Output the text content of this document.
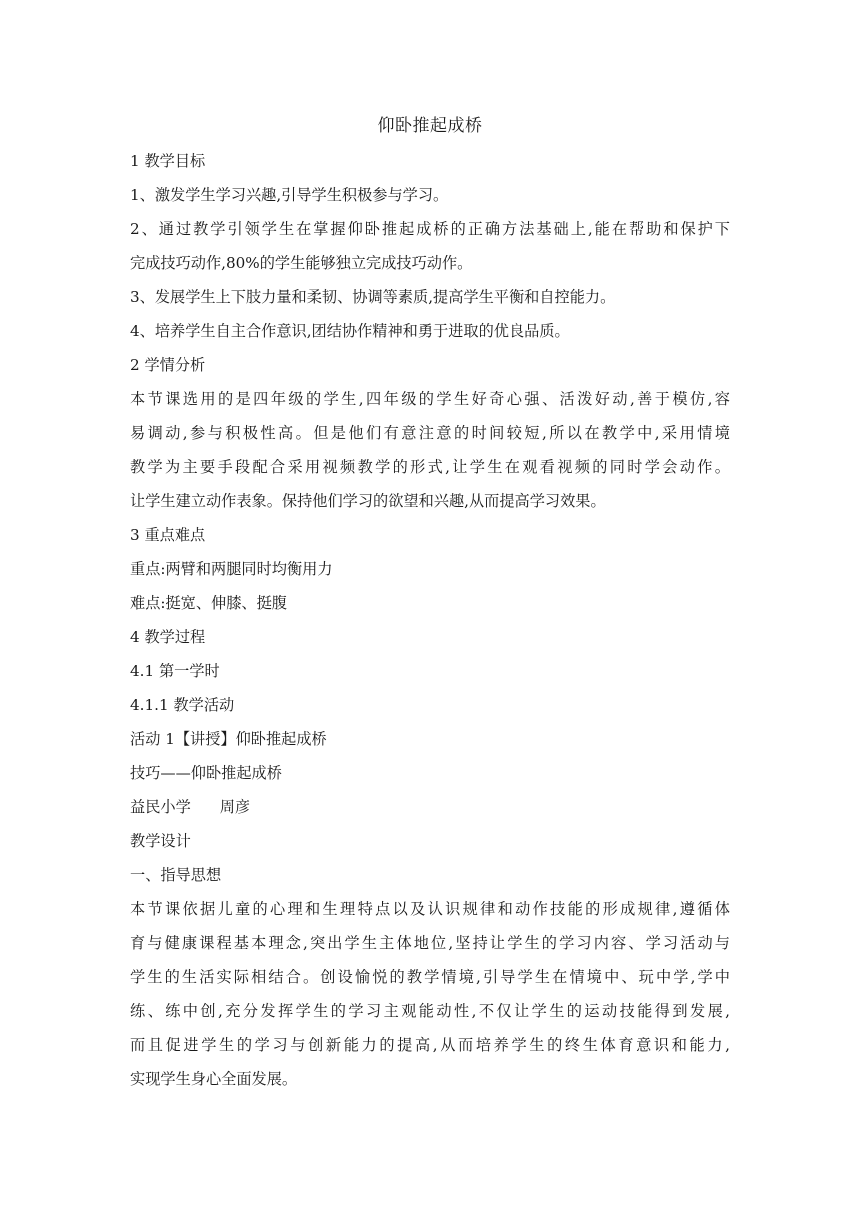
仰卧推起成桥

1 教学目标

1、激发学生学习兴趣,引导学生积极参与学习。

2、通过教学引领学生在掌握仰卧推起成桥的正确方法基础上,能在帮助和保护下
完成技巧动作,80%的学生能够独立完成技巧动作。

3、发展学生上下肢力量和柔韧、协调等素质,提高学生平衡和自控能力。

4、培养学生自主合作意识,团结协作精神和勇于进取的优良品质。

2 学情分析

本节课选用的是四年级的学生,四年级的学生好奇心强、活泼好动,善于模仿,容
易调动,参与积极性高。但是他们有意注意的时间较短,所以在教学中,采用情境
教学为主要手段配合采用视频教学的形式,让学生在观看视频的同时学会动作。
让学生建立动作表象。保持他们学习的欲望和兴趣,从而提高学习效果。

3 重点难点

重点:两臂和两腿同时均衡用力

难点:挺宽、伸膝、挺腹

4 教学过程

4.1 第一学时

4.1.1 教学活动

活动 1【讲授】仰卧推起成桥

技巧——仰卧推起成桥

益民小学      周彦

教学设计

一、指导思想

本节课依据儿童的心理和生理特点以及认识规律和动作技能的形成规律,遵循体
育与健康课程基本理念,突出学生主体地位,坚持让学生的学习内容、学习活动与
学生的生活实际相结合。创设愉悦的教学情境,引导学生在情境中、玩中学,学中
练、练中创,充分发挥学生的学习主观能动性,不仅让学生的运动技能得到发展,
而且促进学生的学习与创新能力的提高,从而培养学生的终生体育意识和能力,
实现学生身心全面发展。
